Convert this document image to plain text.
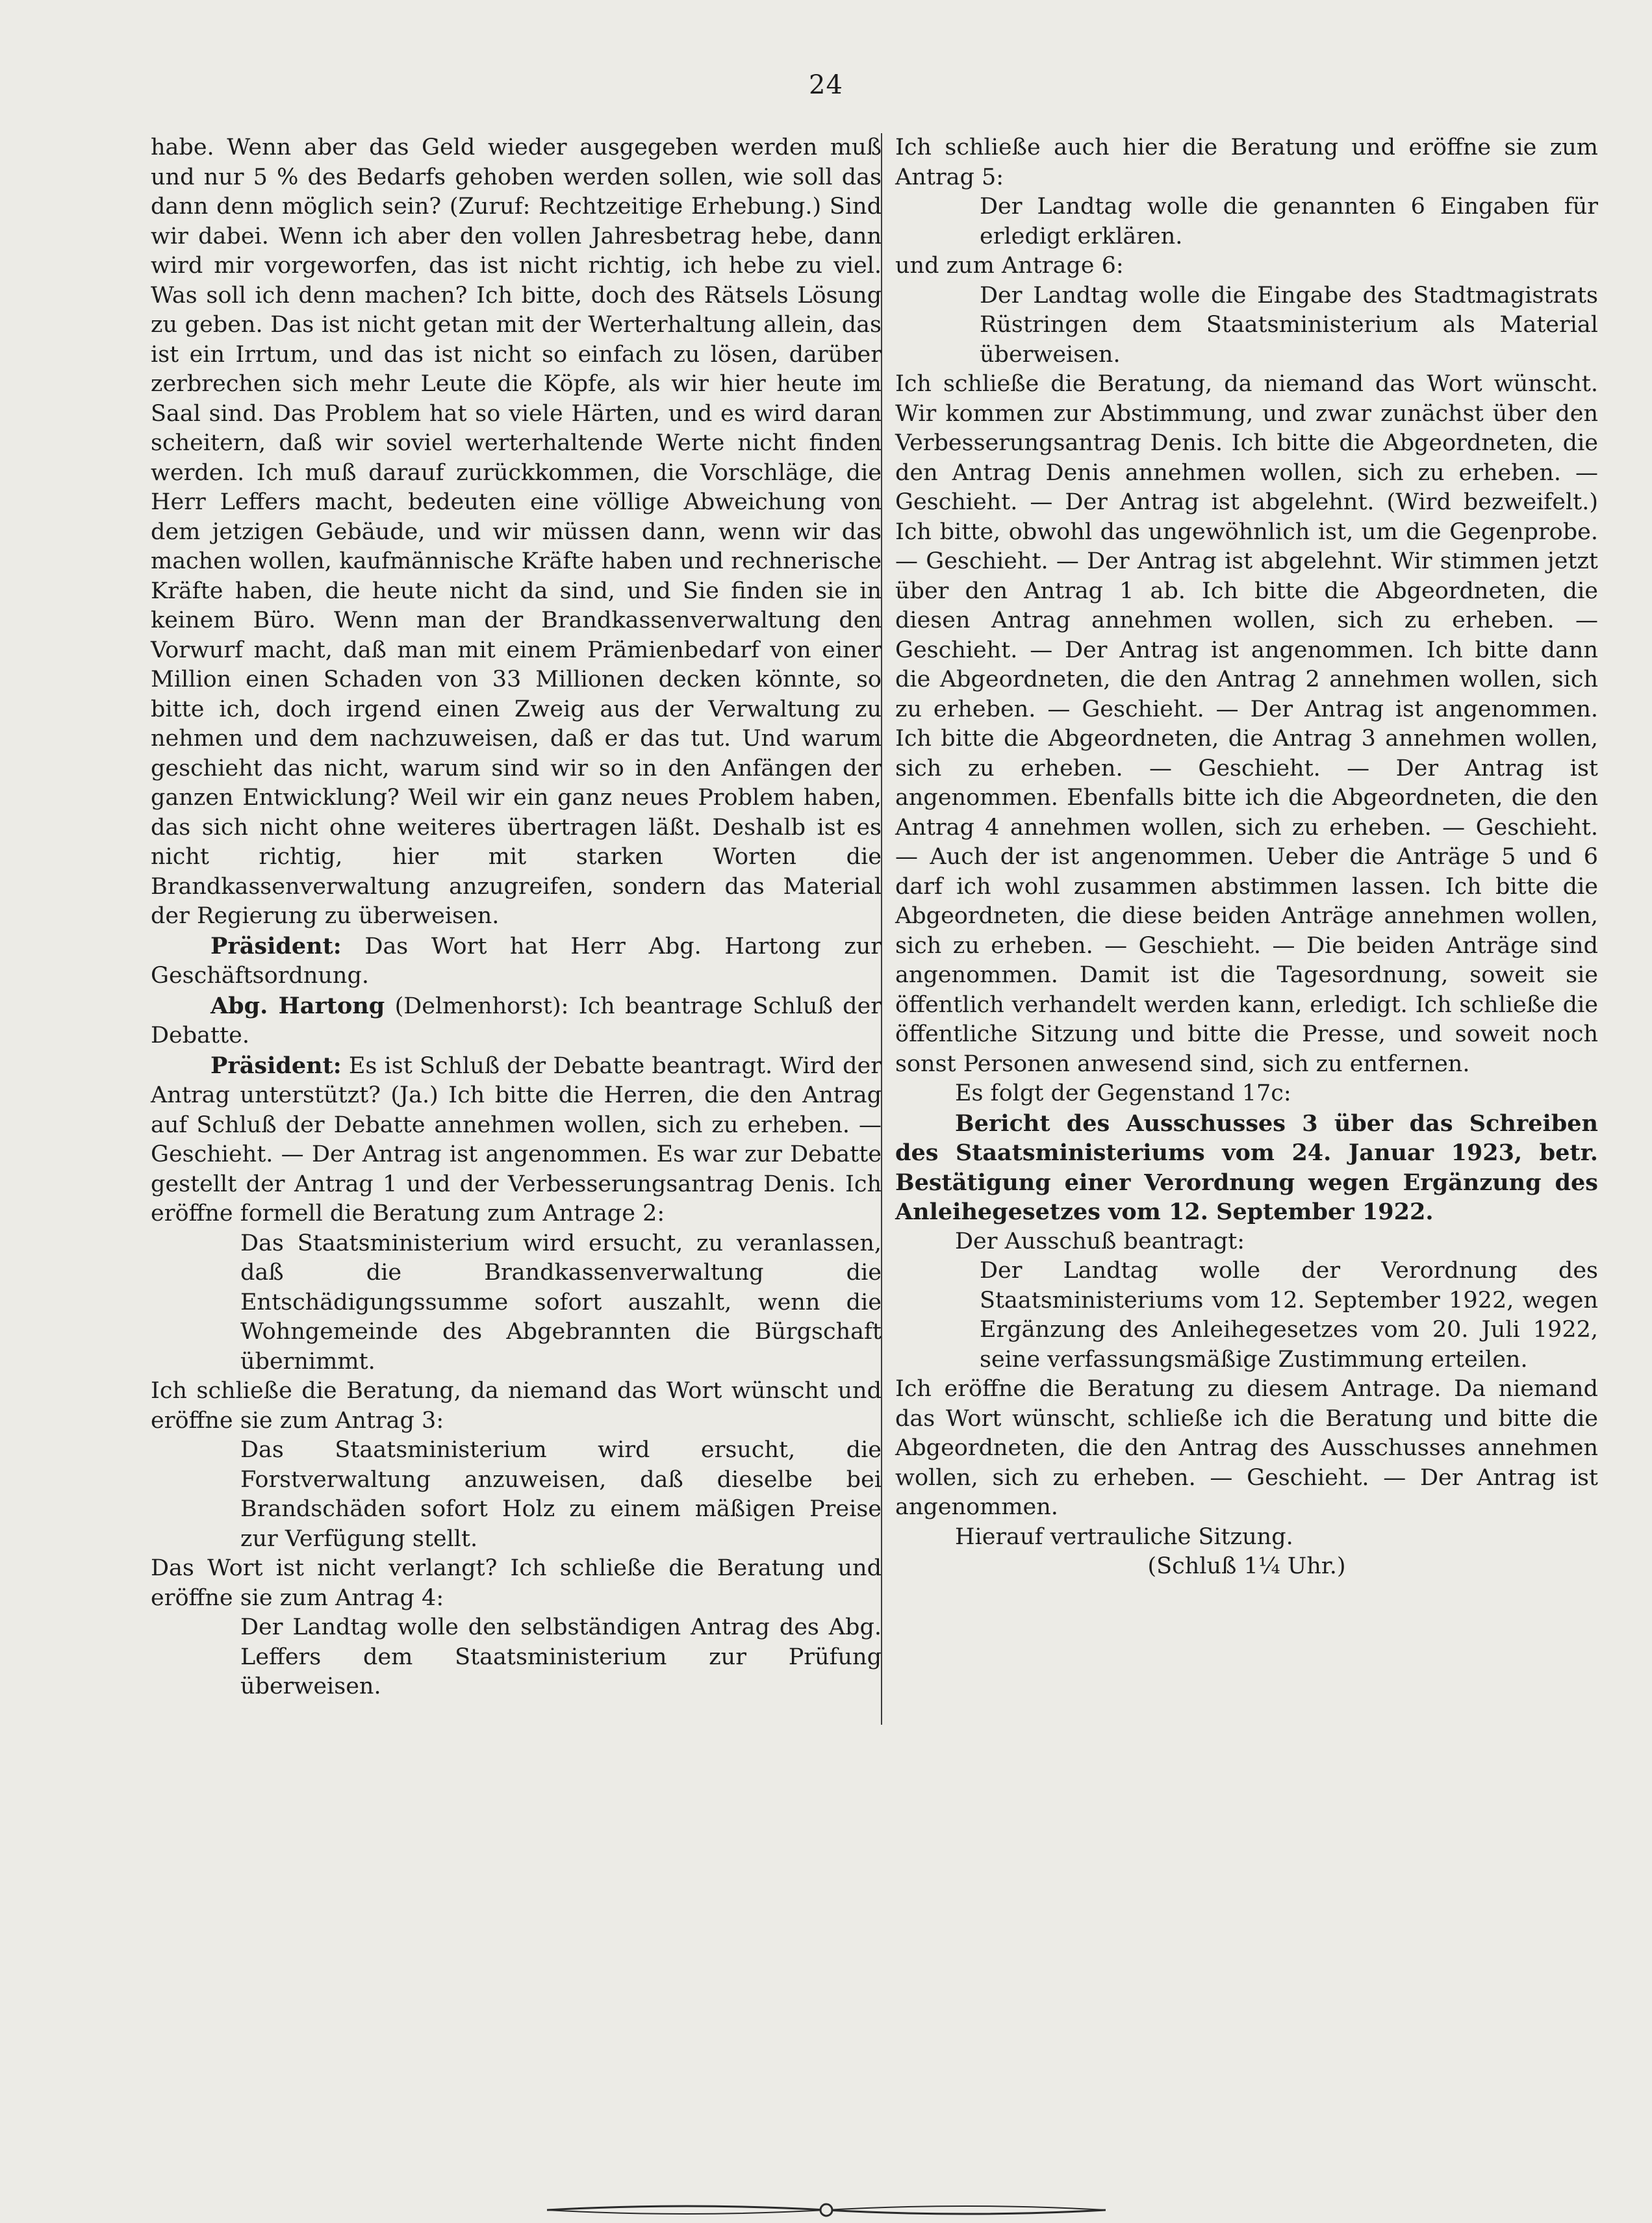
24

habe. Wenn aber das Geld wieder ausgegeben werden muß und nur 5 % des Bedarfs gehoben werden sollen, wie soll das dann denn möglich sein? (Zuruf: Rechtzeitige Erhebung.) Sind wir dabei. Wenn ich aber den vollen Jahresbetrag hebe, dann wird mir vorgeworfen, das ist nicht richtig, ich hebe zu viel. Was soll ich denn machen? Ich bitte, doch des Rätsels Lösung zu geben. Das ist nicht getan mit der Werterhaltung allein, das ist ein Irrtum, und das ist nicht so einfach zu lösen, darüber zerbrechen sich mehr Leute die Köpfe, als wir hier heute im Saal sind. Das Problem hat so viele Härten, und es wird daran scheitern, daß wir soviel werterhaltende Werte nicht finden werden. Ich muß darauf zurückkommen, die Vorschläge, die Herr Leffers macht, bedeuten eine völlige Abweichung von dem jetzigen Gebäude, und wir müssen dann, wenn wir das machen wollen, kaufmännische Kräfte haben und rechnerische Kräfte haben, die heute nicht da sind, und Sie finden sie in keinem Büro. Wenn man der Brandkassenverwaltung den Vorwurf macht, daß man mit einem Prämienbedarf von einer Million einen Schaden von 33 Millionen decken könnte, so bitte ich, doch irgend einen Zweig aus der Verwaltung zu nehmen und dem nachzuweisen, daß er das tut. Und warum geschieht das nicht, warum sind wir so in den Anfängen der ganzen Entwicklung? Weil wir ein ganz neues Problem haben, das sich nicht ohne weiteres übertragen läßt. Deshalb ist es nicht richtig, hier mit starken Worten die Brandkassenverwaltung anzugreifen, sondern das Material der Regierung zu überweisen.

Präsident: Das Wort hat Herr Abg. Hartong zur Geschäftsordnung.

Abg. Hartong (Delmenhorst): Ich beantrage Schluß der Debatte.

Präsident: Es ist Schluß der Debatte beantragt. Wird der Antrag unterstützt? (Ja.) Ich bitte die Herren, die den Antrag auf Schluß der Debatte annehmen wollen, sich zu erheben. — Geschieht. — Der Antrag ist angenommen. Es war zur Debatte gestellt der Antrag 1 und der Verbesserungsantrag Denis. Ich eröffne formell die Beratung zum Antrage 2:

Das Staatsministerium wird ersucht, zu veranlassen, daß die Brandkassenverwaltung die Entschädigungssumme sofort auszahlt, wenn die Wohngemeinde des Abgebrannten die Bürgschaft übernimmt.

Ich schließe die Beratung, da niemand das Wort wünscht und eröffne sie zum Antrag 3:

Das Staatsministerium wird ersucht, die Forstverwaltung anzuweisen, daß dieselbe bei Brandschäden sofort Holz zu einem mäßigen Preise zur Verfügung stellt.

Das Wort ist nicht verlangt? Ich schließe die Beratung und eröffne sie zum Antrag 4:

Der Landtag wolle den selbständigen Antrag des Abg. Leffers dem Staatsministerium zur Prüfung überweisen.

Ich schließe auch hier die Beratung und eröffne sie zum Antrag 5:

Der Landtag wolle die genannten 6 Eingaben für erledigt erklären.

und zum Antrage 6:

Der Landtag wolle die Eingabe des Stadtmagistrats Rüstringen dem Staatsministerium als Material überweisen.

Ich schließe die Beratung, da niemand das Wort wünscht. Wir kommen zur Abstimmung, und zwar zunächst über den Verbesserungsantrag Denis. Ich bitte die Abgeordneten, die den Antrag Denis annehmen wollen, sich zu erheben. — Geschieht. — Der Antrag ist abgelehnt. (Wird bezweifelt.) Ich bitte, obwohl das ungewöhnlich ist, um die Gegenprobe. — Geschieht. — Der Antrag ist abgelehnt. Wir stimmen jetzt über den Antrag 1 ab. Ich bitte die Abgeordneten, die diesen Antrag annehmen wollen, sich zu erheben. — Geschieht. — Der Antrag ist angenommen. Ich bitte dann die Abgeordneten, die den Antrag 2 annehmen wollen, sich zu erheben. — Geschieht. — Der Antrag ist angenommen. Ich bitte die Abgeordneten, die Antrag 3 annehmen wollen, sich zu erheben. — Geschieht. — Der Antrag ist angenommen. Ebenfalls bitte ich die Abgeordneten, die den Antrag 4 annehmen wollen, sich zu erheben. — Geschieht. — Auch der ist angenommen. Ueber die Anträge 5 und 6 darf ich wohl zusammen abstimmen lassen. Ich bitte die Abgeordneten, die diese beiden Anträge annehmen wollen, sich zu erheben. — Geschieht. — Die beiden Anträge sind angenommen. Damit ist die Tagesordnung, soweit sie öffentlich verhandelt werden kann, erledigt. Ich schließe die öffentliche Sitzung und bitte die Presse, und soweit noch sonst Personen anwesend sind, sich zu entfernen.

Es folgt der Gegenstand 17c:

Bericht des Ausschusses 3 über das Schreiben des Staatsministeriums vom 24. Januar 1923, betr. Bestätigung einer Verordnung wegen Ergänzung des Anleihegesetzes vom 12. September 1922.

Der Ausschuß beantragt:

Der Landtag wolle der Verordnung des Staatsministeriums vom 12. September 1922, wegen Ergänzung des Anleihegesetzes vom 20. Juli 1922, seine verfassungsmäßige Zustimmung erteilen.

Ich eröffne die Beratung zu diesem Antrage. Da niemand das Wort wünscht, schließe ich die Beratung und bitte die Abgeordneten, die den Antrag des Ausschusses annehmen wollen, sich zu erheben. — Geschieht. — Der Antrag ist angenommen.

Hierauf vertrauliche Sitzung.

(Schluß 1¼ Uhr.)
